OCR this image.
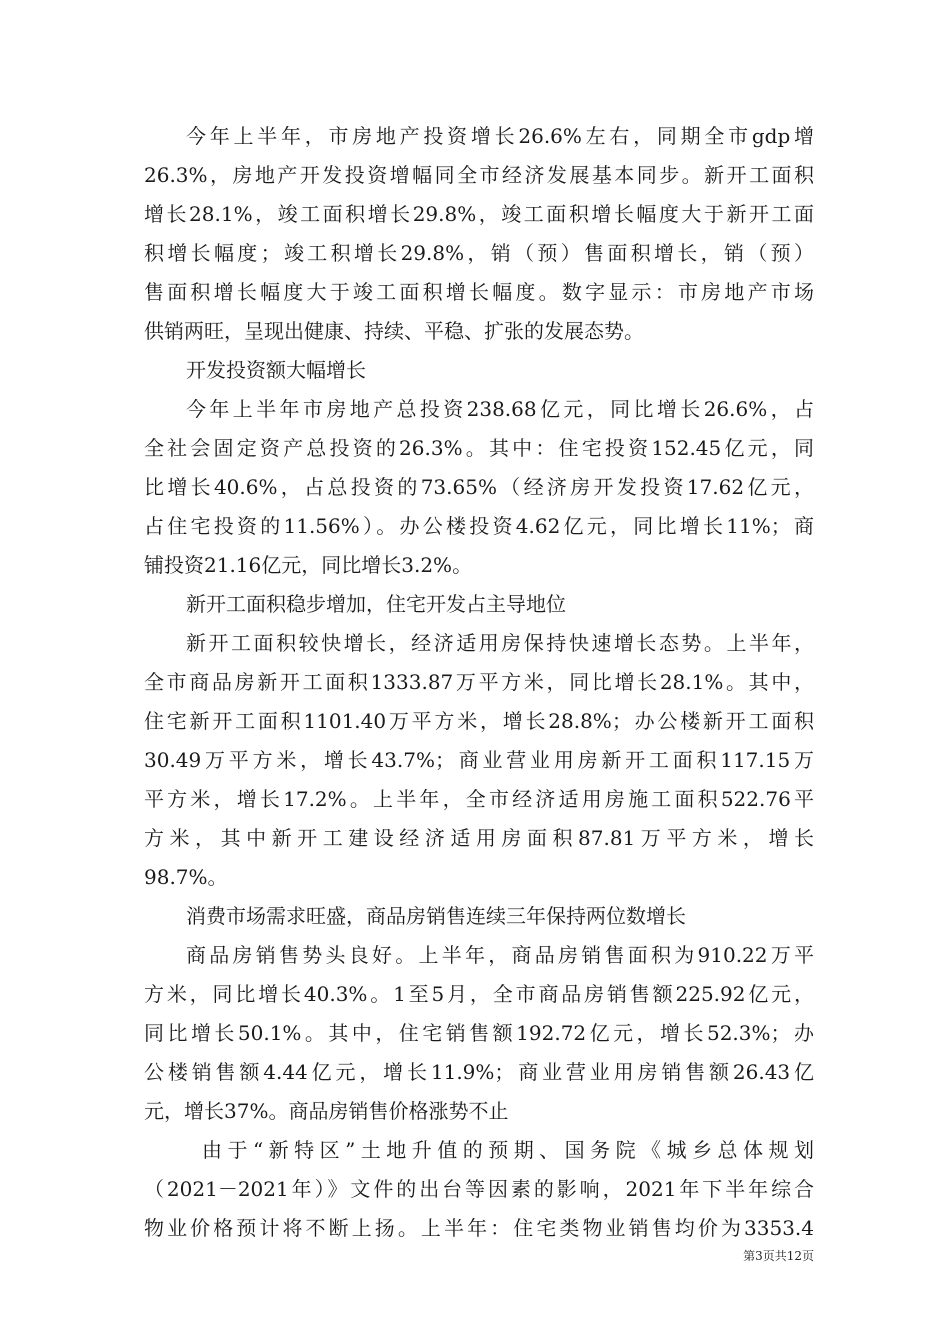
今年上半年，市房地产投资增长26.6%左右，同期全市gdp增
26.3%，房地产开发投资增幅同全市经济发展基本同步。新开工面积
增长28.1%，竣工面积增长29.8%，竣工面积增长幅度大于新开工面
积增长幅度；竣工积增长29.8%，销（预）售面积增长，销（预）
售面积增长幅度大于竣工面积增长幅度。数字显示：市房地产市场
供销两旺，呈现出健康、持续、平稳、扩张的发展态势。
开发投资额大幅增长
今年上半年市房地产总投资238.68亿元，同比增长26.6%，占
全社会固定资产总投资的26.3%。其中：住宅投资152.45亿元，同
比增长40.6%，占总投资的73.65%（经济房开发投资17.62亿元，
占住宅投资的11.56%）。办公楼投资4.62亿元，同比增长11%；商
铺投资21.16亿元，同比增长3.2%。
新开工面积稳步增加，住宅开发占主导地位
新开工面积较快增长，经济适用房保持快速增长态势。上半年，
全市商品房新开工面积1333.87万平方米，同比增长28.1%。其中，
住宅新开工面积1101.40万平方米，增长28.8%；办公楼新开工面积
30.49万平方米，增长43.7%；商业营业用房新开工面积117.15万
平方米，增长17.2%。上半年，全市经济适用房施工面积522.76平
方米，其中新开工建设经济适用房面积87.81万平方米，增长
98.7%。
消费市场需求旺盛，商品房销售连续三年保持两位数增长
商品房销售势头良好。上半年，商品房销售面积为910.22万平
方米，同比增长40.3%。1至5月，全市商品房销售额225.92亿元，
同比增长50.1%。其中，住宅销售额192.72亿元，增长52.3%；办
公楼销售额4.44亿元，增长11.9%；商业营业用房销售额26.43亿
元，增长37%。商品房销售价格涨势不止
由于“新特区”土地升值的预期、国务院《城乡总体规划
（2021－2021年）》文件的出台等因素的影响，2021年下半年综合
物业价格预计将不断上扬。上半年：住宅类物业销售均价为3353.4
第3页共12页
